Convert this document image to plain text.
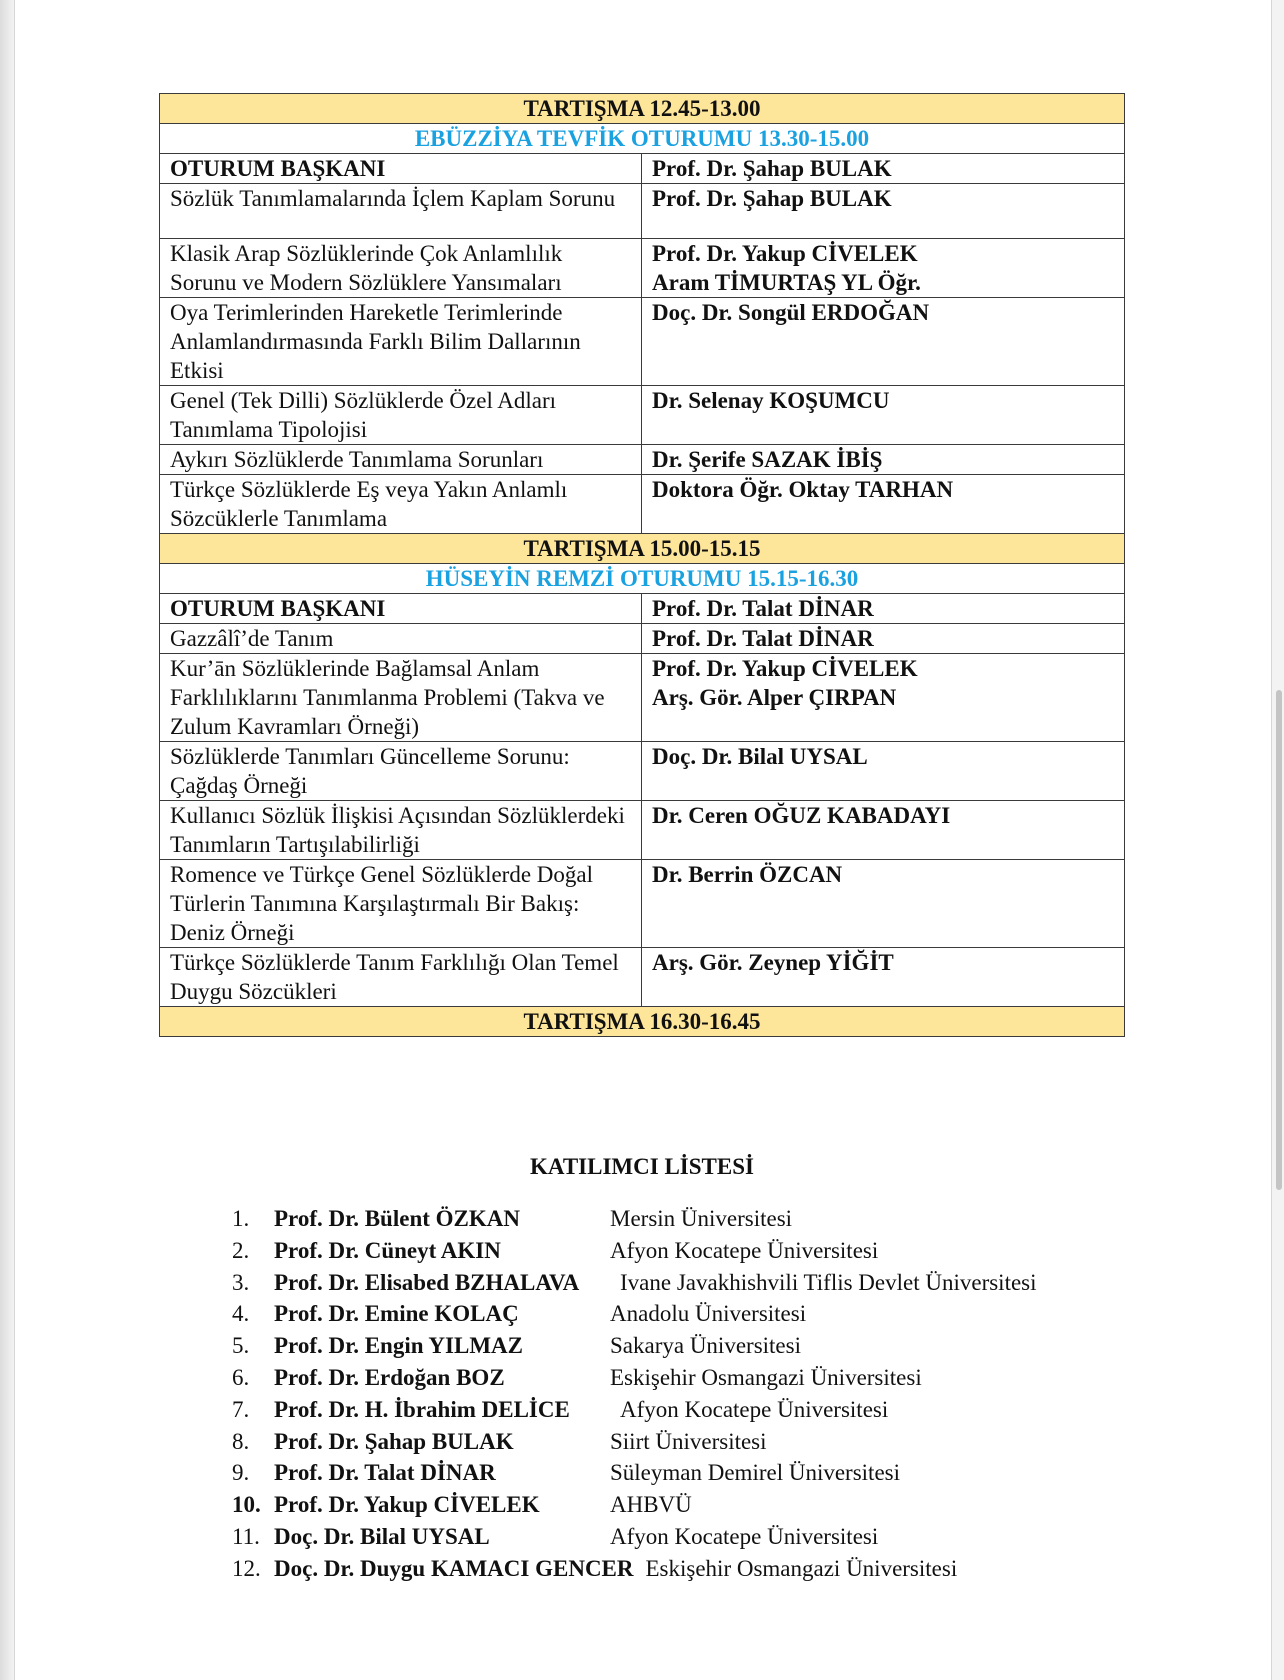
TARTIŞMA 12.45-13.00	
EBÜZZİYA TEVFİK OTURUMU 13.30-15.00	
OTURUM BAŞKANI	Prof. Dr. Şahap BULAK
Sözlük Tanımlamalarında İçlem Kaplam Sorunu	Prof. Dr. Şahap BULAK
Klasik Arap Sözlüklerinde Çok Anlamlılık Sorunu ve Modern Sözlüklere Yansımaları	Prof. Dr. Yakup CİVELEK
Aram TİMURTAŞ YL Öğr.
Oya Terimlerinden Hareketle Terimlerinde Anlamlandırmasında Farklı Bilim Dallarının Etkisi	Doç. Dr. Songül ERDOĞAN
Genel (Tek Dilli) Sözlüklerde Özel Adları Tanımlama Tipolojisi	Dr. Selenay KOŞUMCU
Aykırı Sözlüklerde Tanımlama Sorunları	Dr. Şerife SAZAK İBİŞ
Türkçe Sözlüklerde Eş veya Yakın Anlamlı Sözcüklerle Tanımlama	Doktora Öğr. Oktay TARHAN
TARTIŞMA 15.00-15.15	
HÜSEYİN REMZİ OTURUMU 15.15-16.30	
OTURUM BAŞKANI	Prof. Dr. Talat DİNAR
Gazzâlî’de Tanım	Prof. Dr. Talat DİNAR
Kur’ān Sözlüklerinde Bağlamsal Anlam Farklılıklarını Tanımlanma Problemi (Takva ve Zulum Kavramları Örneği)	Prof. Dr. Yakup CİVELEK
Arş. Gör. Alper ÇIRPAN
Sözlüklerde Tanımları Güncelleme Sorunu: Çağdaş Örneği	Doç. Dr. Bilal UYSAL
Kullanıcı Sözlük İlişkisi Açısından Sözlüklerdeki Tanımların Tartışılabilirliği	Dr. Ceren OĞUZ KABADAYI
Romence ve Türkçe Genel Sözlüklerde Doğal Türlerin Tanımına Karşılaştırmalı Bir Bakış: Deniz Örneği	Dr. Berrin ÖZCAN
Türkçe Sözlüklerde Tanım Farklılığı Olan Temel Duygu Sözcükleri	Arş. Gör. Zeynep YİĞİT
TARTIŞMA 16.30-16.45	
KATILIMCI LİSTESİ
1.	Prof. Dr. Bülent ÖZKAN	Mersin Üniversitesi
2.	Prof. Dr. Cüneyt AKIN	Afyon Kocatepe Üniversitesi
3.	Prof. Dr. Elisabed BZHALAVA	Ivane Javakhishvili Tiflis Devlet Üniversitesi
4.	Prof. Dr. Emine KOLAÇ	Anadolu Üniversitesi
5.	Prof. Dr. Engin YILMAZ	Sakarya Üniversitesi
6.	Prof. Dr. Erdoğan BOZ	Eskişehir Osmangazi Üniversitesi
7.	Prof. Dr. H. İbrahim DELİCE	Afyon Kocatepe Üniversitesi
8.	Prof. Dr. Şahap BULAK	Siirt Üniversitesi
9.	Prof. Dr. Talat DİNAR	Süleyman Demirel Üniversitesi
10. Prof. Dr. Yakup CİVELEK	AHBVÜ
11. Doç. Dr. Bilal UYSAL	Afyon Kocatepe Üniversitesi
12. Doç. Dr. Duygu KAMACI GENCER Eskişehir Osmangazi Üniversitesi
